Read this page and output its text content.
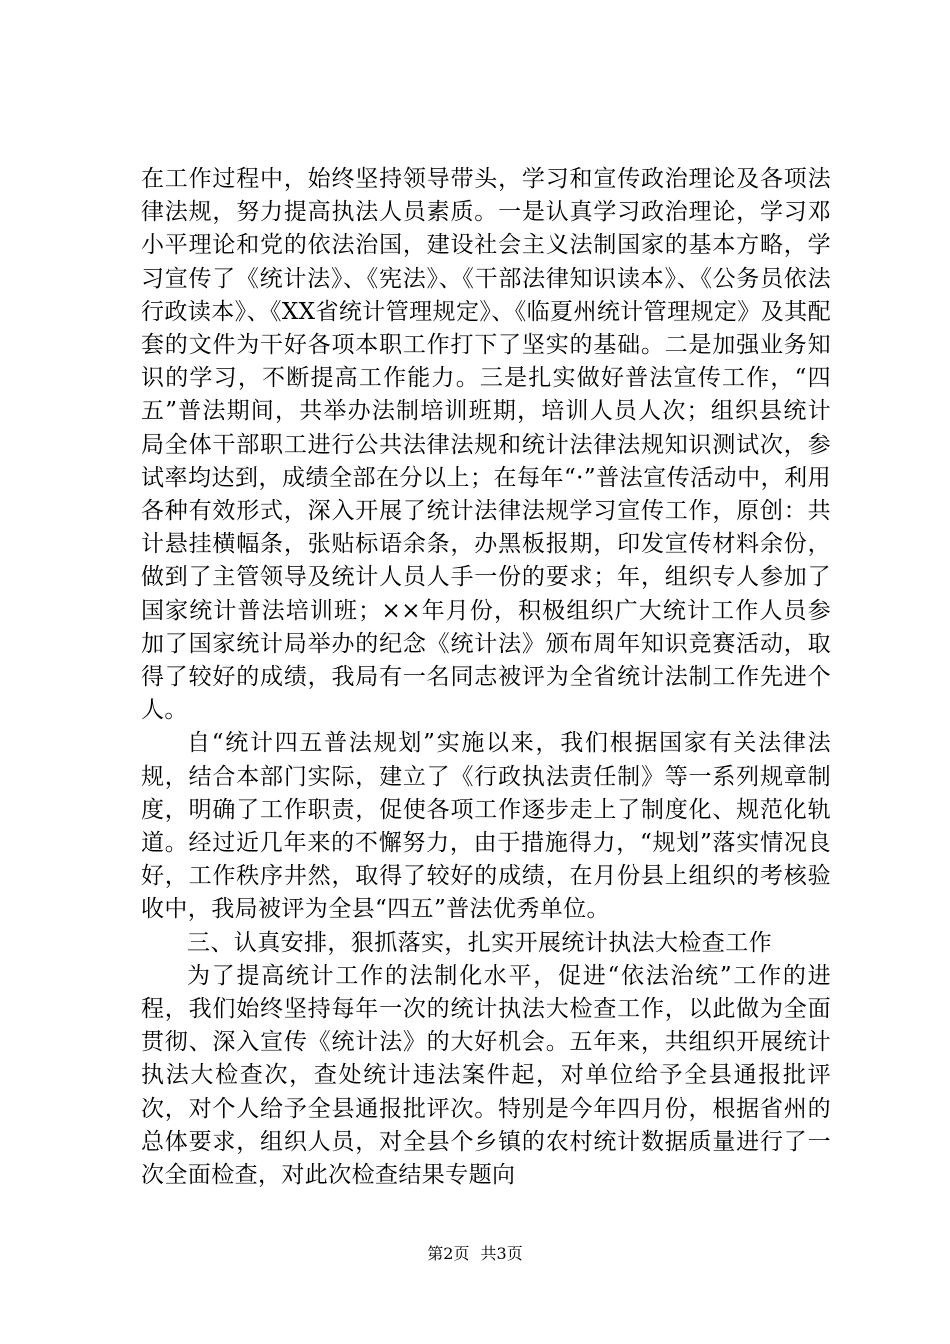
在工作过程中，始终坚持领导带头，学习和宣传政治理论及各项法律法规，努力提高执法人员素质。一是认真学习政治理论，学习邓小平理论和党的依法治国，建设社会主义法制国家的基本方略，学习宣传了《统计法》、《宪法》、《干部法律知识读本》、《公务员依法行政读本》、《XX省统计管理规定》、《临夏州统计管理规定》及其配套的文件为干好各项本职工作打下了坚实的基础。二是加强业务知识的学习，不断提高工作能力。三是扎实做好普法宣传工作，“四五”普法期间，共举办法制培训班期，培训人员人次；组织县统计局全体干部职工进行公共法律法规和统计法律法规知识测试次，参试率均达到，成绩全部在分以上；在每年“·”普法宣传活动中，利用各种有效形式，深入开展了统计法律法规学习宣传工作，原创：共计悬挂横幅条，张贴标语余条，办黑板报期，印发宣传材料余份，做到了主管领导及统计人员人手一份的要求；年，组织专人参加了国家统计普法培训班；××年月份，积极组织广大统计工作人员参加了国家统计局举办的纪念《统计法》颁布周年知识竞赛活动，取得了较好的成绩，我局有一名同志被评为全省统计法制工作先进个人。

自“统计四五普法规划”实施以来，我们根据国家有关法律法规，结合本部门实际，建立了《行政执法责任制》等一系列规章制度，明确了工作职责，促使各项工作逐步走上了制度化、规范化轨道。经过近几年来的不懈努力，由于措施得力，“规划”落实情况良好，工作秩序井然，取得了较好的成绩，在月份县上组织的考核验收中，我局被评为全县“四五”普法优秀单位。

三、认真安排，狠抓落实，扎实开展统计执法大检查工作

为了提高统计工作的法制化水平，促进“依法治统”工作的进程，我们始终坚持每年一次的统计执法大检查工作，以此做为全面贯彻、深入宣传《统计法》的大好机会。五年来，共组织开展统计执法大检查次，查处统计违法案件起，对单位给予全县通报批评次，对个人给予全县通报批评次。特别是今年四月份，根据省州的总体要求，组织人员，对全县个乡镇的农村统计数据质量进行了一次全面检查，对此次检查结果专题向

第2页 共3页
